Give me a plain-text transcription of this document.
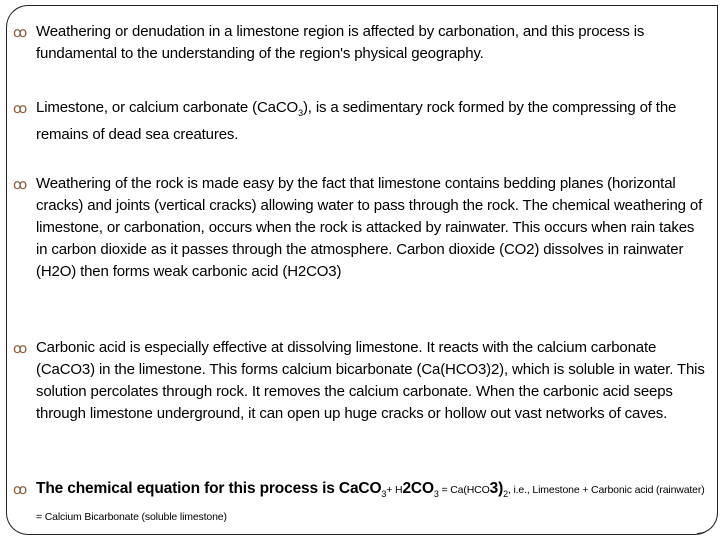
ꝏ Weathering or denudation in a limestone region is affected by carbonation, and this process is fundamental to the understanding of the region's physical geography.
ꝏ Limestone, or calcium carbonate (CaCO$_3$), is a sedimentary rock formed by the compressing of the remains of dead sea creatures.
ꝏ Weathering of the rock is made easy by the fact that limestone contains bedding planes (horizontal cracks) and joints (vertical cracks) allowing water to pass through the rock. The chemical weathering of limestone, or carbonation, occurs when the rock is attacked by rainwater. This occurs when rain takes in carbon dioxide as it passes through the atmosphere. Carbon dioxide (CO2) dissolves in rainwater (H2O) then forms weak carbonic acid (H2CO3)
ꝏ Carbonic acid is especially effective at dissolving limestone. It reacts with the calcium carbonate (CaCO3) in the limestone. This forms calcium bicarbonate (Ca(HCO3)2), which is soluble in water. This solution percolates through rock. It removes the calcium carbonate. When the carbonic acid seeps through limestone underground, it can open up huge cracks or hollow out vast networks of caves.
ꝏ The chemical equation for this process is CaCO$_3$+ $H2CO_3 = Ca(HCO3)_2$, i.e., Limestone + Carbonic acid (rainwater) = Calcium Bicarbonate (soluble limestone)
